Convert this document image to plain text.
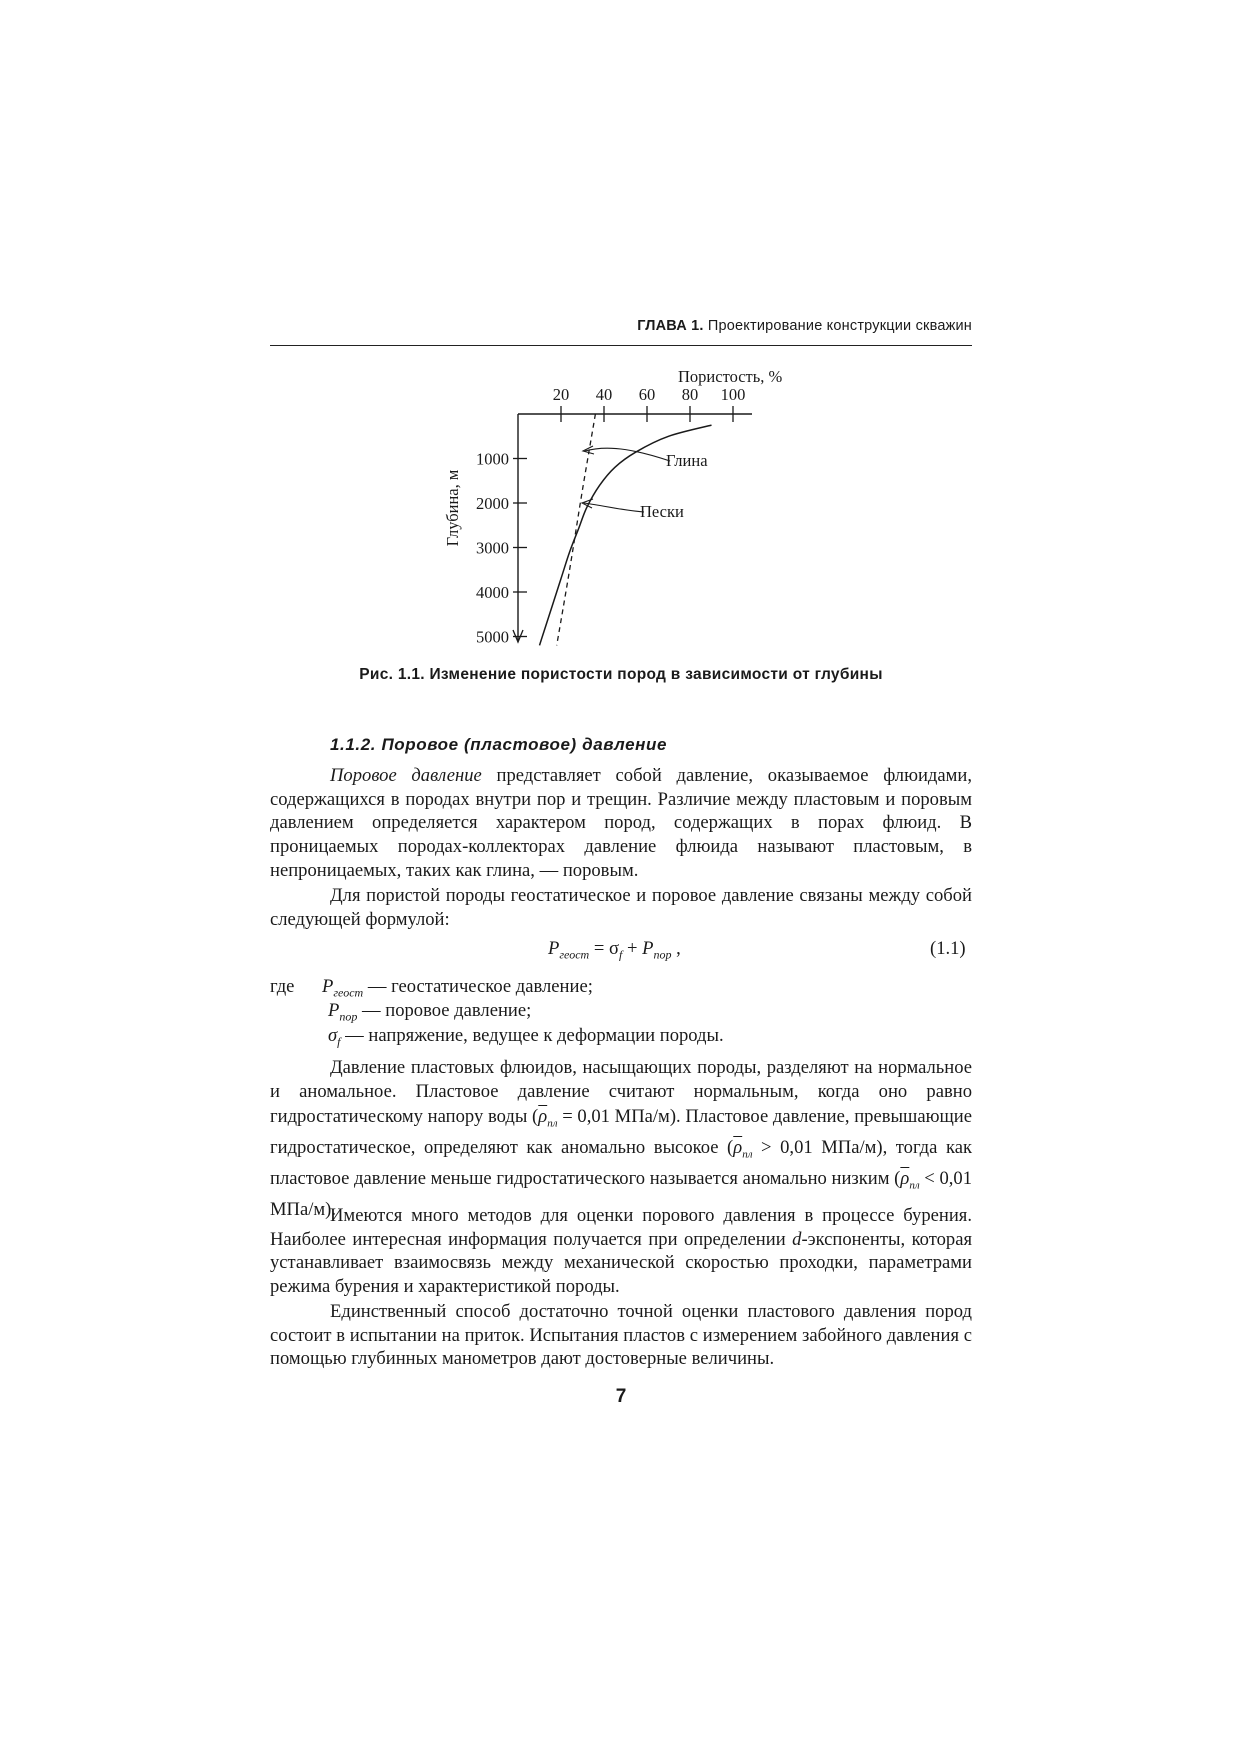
ГЛАВА 1. Проектирование конструкции скважин
Пористость, %
Глубина, м
20 40 60 80 100
1000
2000
3000
4000
5000
Глина
Пески
Рис. 1.1. Изменение пористости пород в зависимости от глубины
1.1.2. Поровое (пластовое) давление

Поровое давление представляет собой давление, оказываемое флюидами, содержащихся в породах внутри пор и трещин. Различие между пластовым и поровым давлением определяется характером пород, содержащих в порах флюид. В проницаемых породах-коллекторах давление флюида называют пластовым, в непроницаемых, таких как глина, — поровым.

Для пористой породы геостатическое и поровое давление связаны между собой следующей формулой:

$P_{геост} = \sigma_f + P_{пор}$ ,	(1.1)
где $P_{геост}$ — геостатическое давление;
$P_{пор}$ — поровое давление;
$\sigma_f$ — напряжение, ведущее к деформации породы.

Давление пластовых флюидов, насыщающих породы, разделяют на нормальное и аномальное. Пластовое давление считают нормальным, когда оно равно гидростатическому напору воды ($\overline{\rho}_{пл} = 0,01$ МПа/м). Пластовое давление, превышающие гидростатическое, определяют как аномально высокое ($\overline{\rho}_{пл} > 0,01$ МПа/м), тогда как пластовое давление меньше гидростатического называется аномально низким ($\overline{\rho}_{пл} < 0,01$ МПа/м).

Имеются много методов для оценки порового давления в процессе бурения. Наиболее интересная информация получается при определении d-экспоненты, которая устанавливает взаимосвязь между механической скоростью проходки, параметрами режима бурения и характеристикой породы.

Единственный способ достаточно точной оценки пластового давления пород состоит в испытании на приток. Испытания пластов с измерением забойного давления с помощью глубинных манометров дают достоверные величины.

7
